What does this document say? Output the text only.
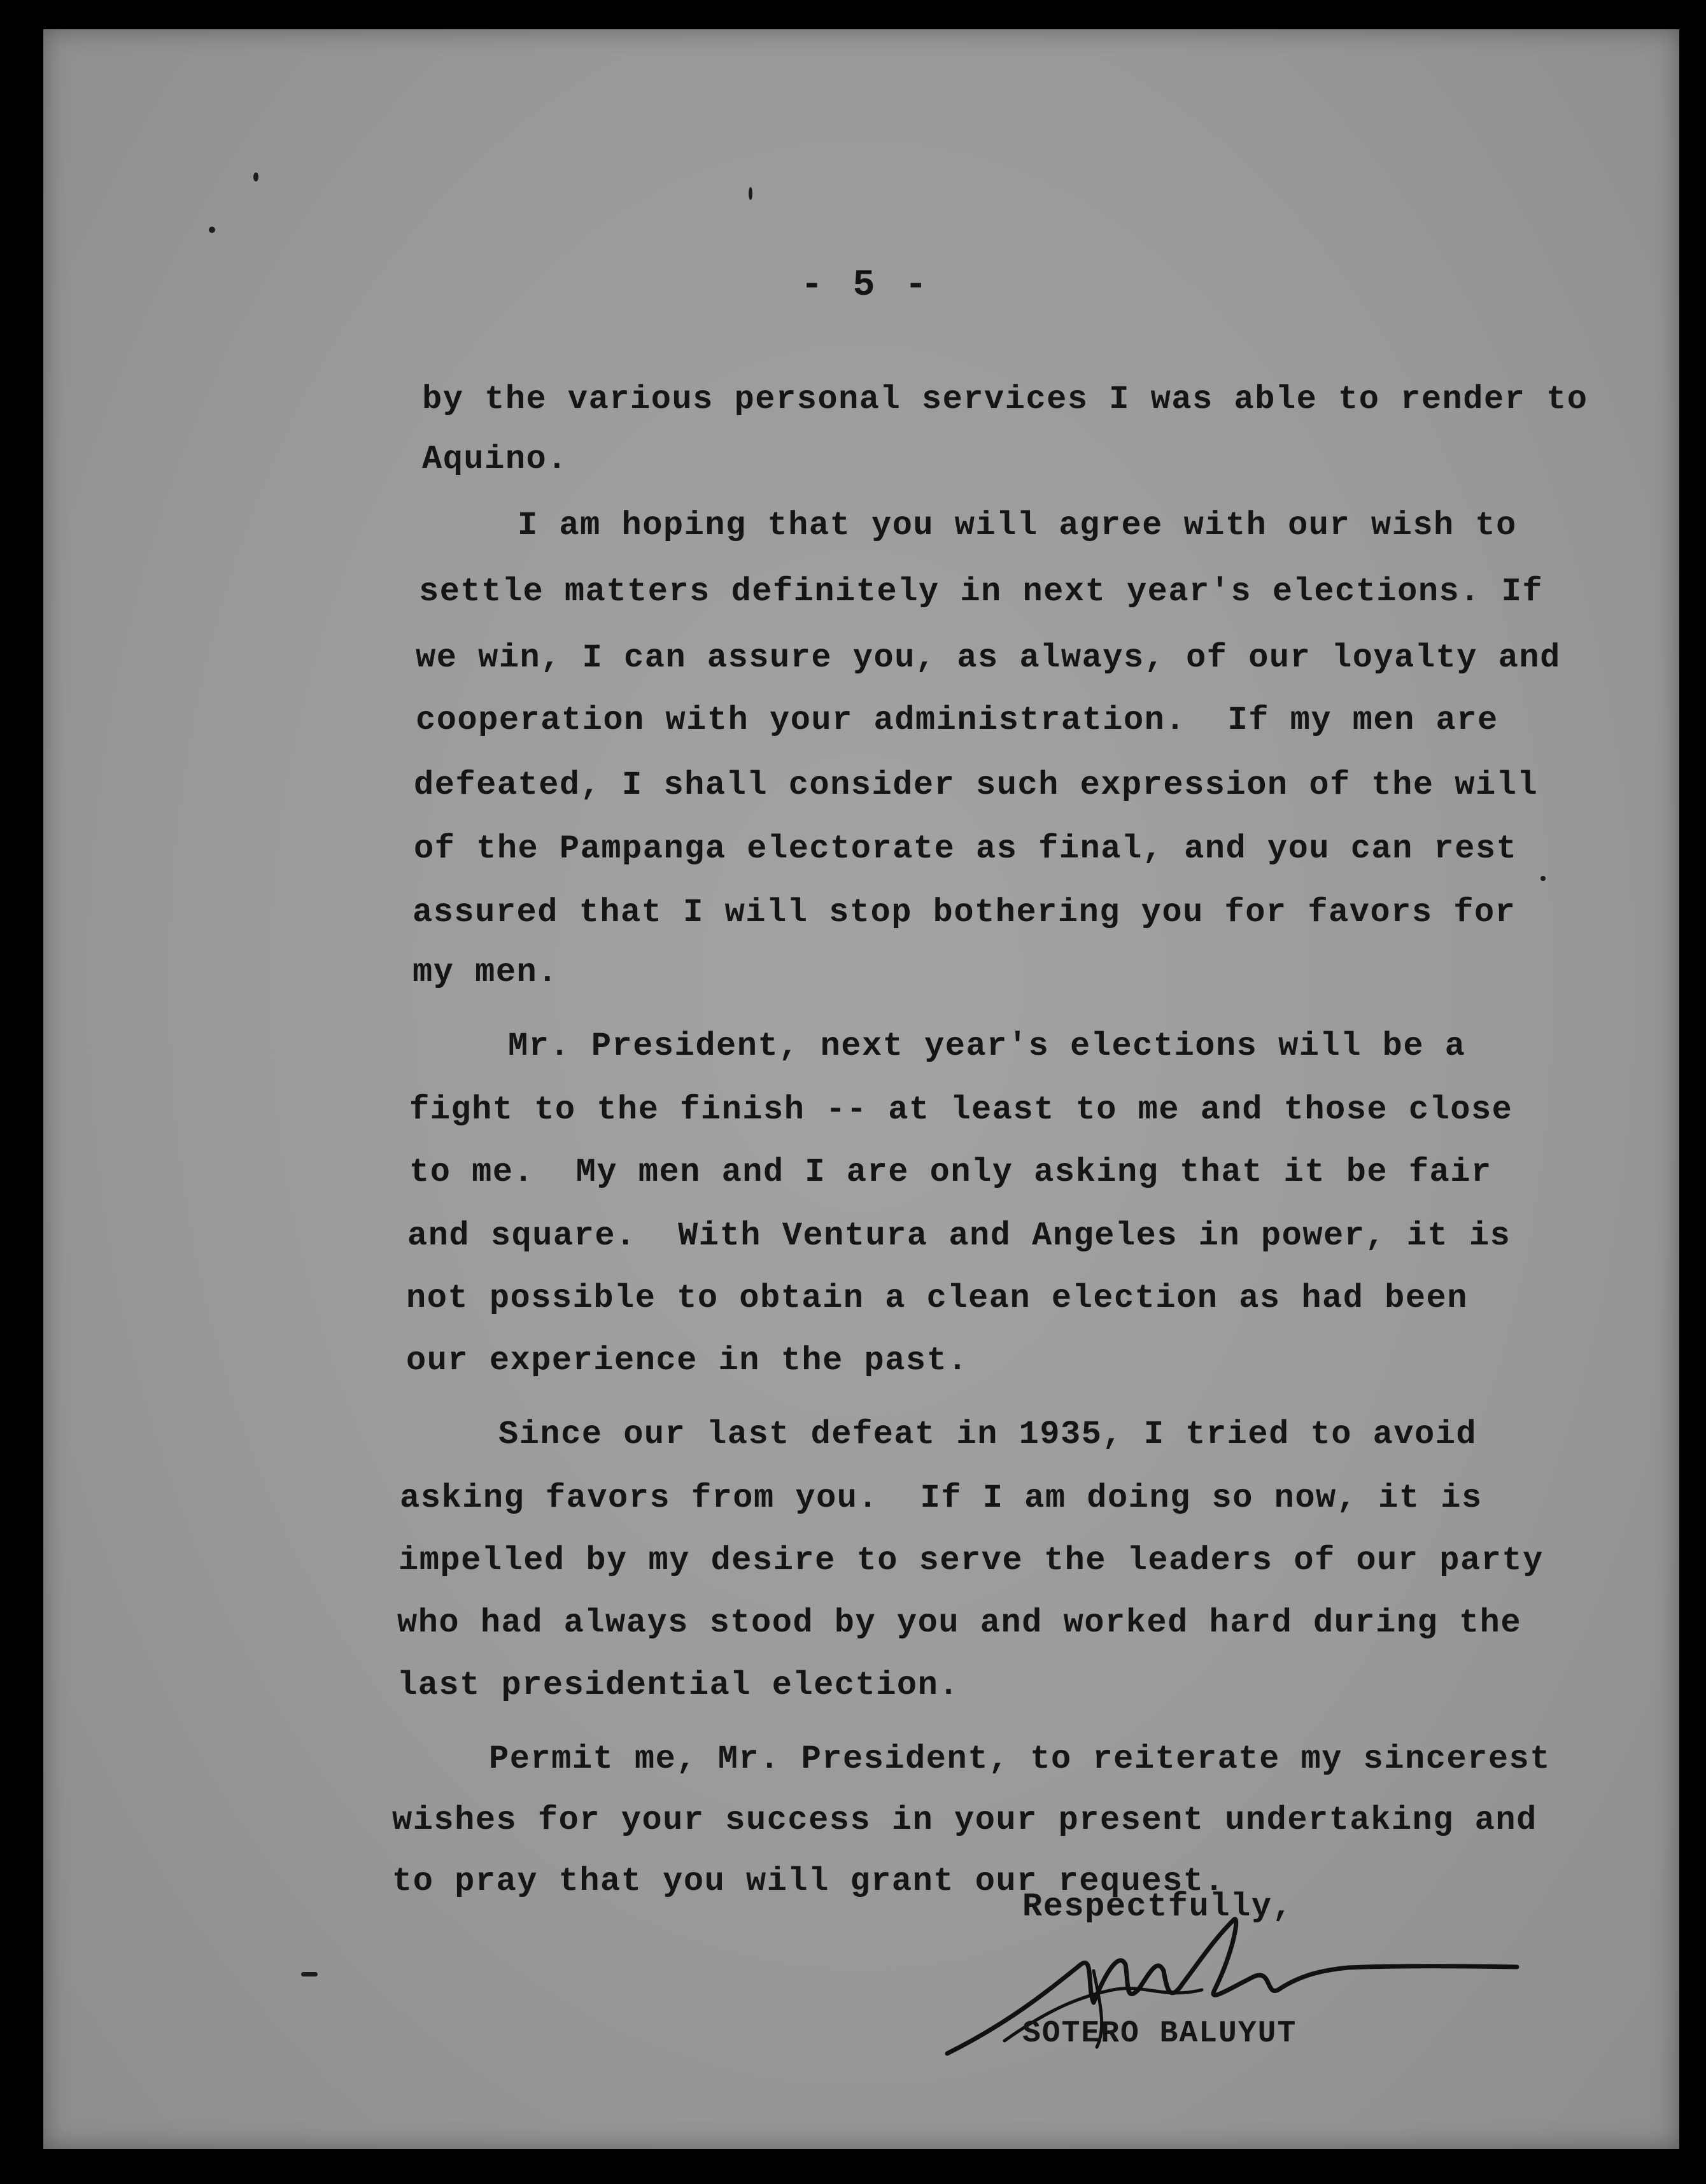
- 5 -
by the various personal services I was able to render to
Aquino.
I am hoping that you will agree with our wish to
settle matters definitely in next year's elections. If
we win, I can assure you, as always, of our loyalty and
cooperation with your administration.  If my men are
defeated, I shall consider such expression of the will
of the Pampanga electorate as final, and you can rest
assured that I will stop bothering you for favors for
my men.
Mr. President, next year's elections will be a
fight to the finish -- at least to me and those close
to me.  My men and I are only asking that it be fair
and square.  With Ventura and Angeles in power, it is
not possible to obtain a clean election as had been
our experience in the past.
Since our last defeat in 1935, I tried to avoid
asking favors from you.  If I am doing so now, it is
impelled by my desire to serve the leaders of our party
who had always stood by you and worked hard during the
last presidential election.
Permit me, Mr. President, to reiterate my sincerest
wishes for your success in your present undertaking and
to pray that you will grant our request.
Respectfully,
SOTERO BALUYUT
